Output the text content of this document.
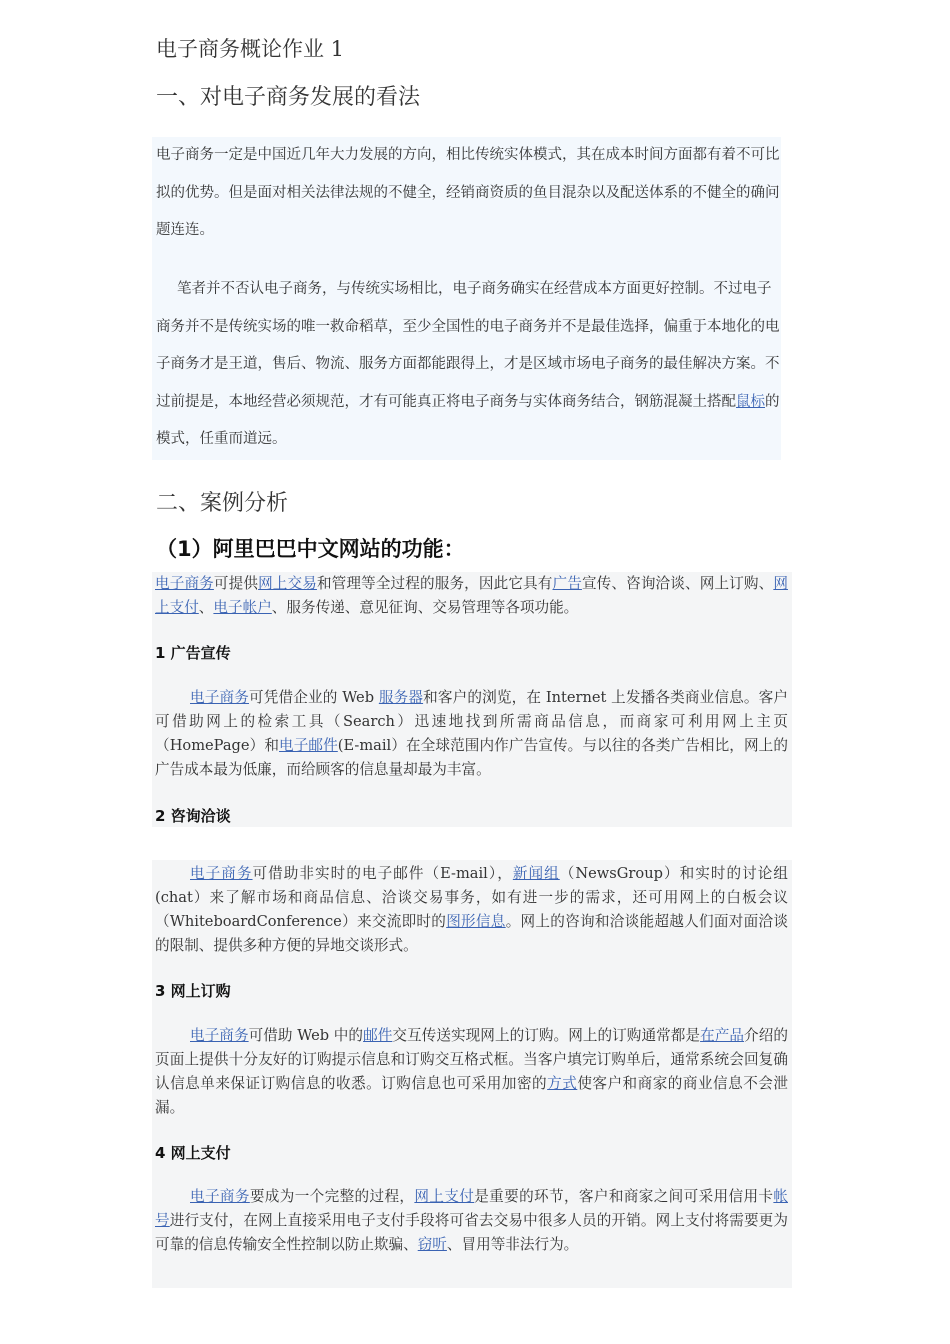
电子商务概论作业 1
一、对电子商务发展的看法
电子商务一定是中国近几年大力发展的方向，相比传统实体模式，其在成本时间方面都有着不可比拟的优势。但是面对相关法律法规的不健全，经销商资质的鱼目混杂以及配送体系的不健全的确问题连连。
笔者并不否认电子商务，与传统实场相比，电子商务确实在经营成本方面更好控制。不过电子商务并不是传统实场的唯一救命稻草，至少全国性的电子商务并不是最佳选择，偏重于本地化的电子商务才是王道，售后、物流、服务方面都能跟得上，才是区域市场电子商务的最佳解决方案。不过前提是，本地经营必须规范，才有可能真正将电子商务与实体商务结合，钢筋混凝土搭配鼠标的模式，任重而道远。
二、案例分析
（1）阿里巴巴中文网站的功能：
电子商务可提供网上交易和管理等全过程的服务，因此它具有广告宣传、咨询洽谈、网上订购、网上支付、电子帐户、服务传递、意见征询、交易管理等各项功能。
1 广告宣传
电子商务可凭借企业的 Web 服务器和客户的浏览，在 Internet 上发播各类商业信息。客户可借助网上的检索工具（Search）迅速地找到所需商品信息，而商家可利用网上主页（HomePage）和电子邮件(E-mail）在全球范围内作广告宣传。与以往的各类广告相比，网上的广告成本最为低廉，而给顾客的信息量却最为丰富。
2 咨询洽谈
电子商务可借助非实时的电子邮件（E-mail），新闻组（NewsGroup）和实时的讨论组(chat）来了解市场和商品信息、洽谈交易事务，如有进一步的需求，还可用网上的白板会议（WhiteboardConference）来交流即时的图形信息。网上的咨询和洽谈能超越人们面对面洽谈的限制、提供多种方便的异地交谈形式。
3 网上订购
电子商务可借助 Web 中的邮件交互传送实现网上的订购。网上的订购通常都是在产品介绍的页面上提供十分友好的订购提示信息和订购交互格式框。当客户填完订购单后，通常系统会回复确认信息单来保证订购信息的收悉。订购信息也可采用加密的方式使客户和商家的商业信息不会泄漏。
4 网上支付
电子商务要成为一个完整的过程，网上支付是重要的环节，客户和商家之间可采用信用卡帐号进行支付，在网上直接采用电子支付手段将可省去交易中很多人员的开销。网上支付将需要更为可靠的信息传输安全性控制以防止欺骗、窃听、冒用等非法行为。
